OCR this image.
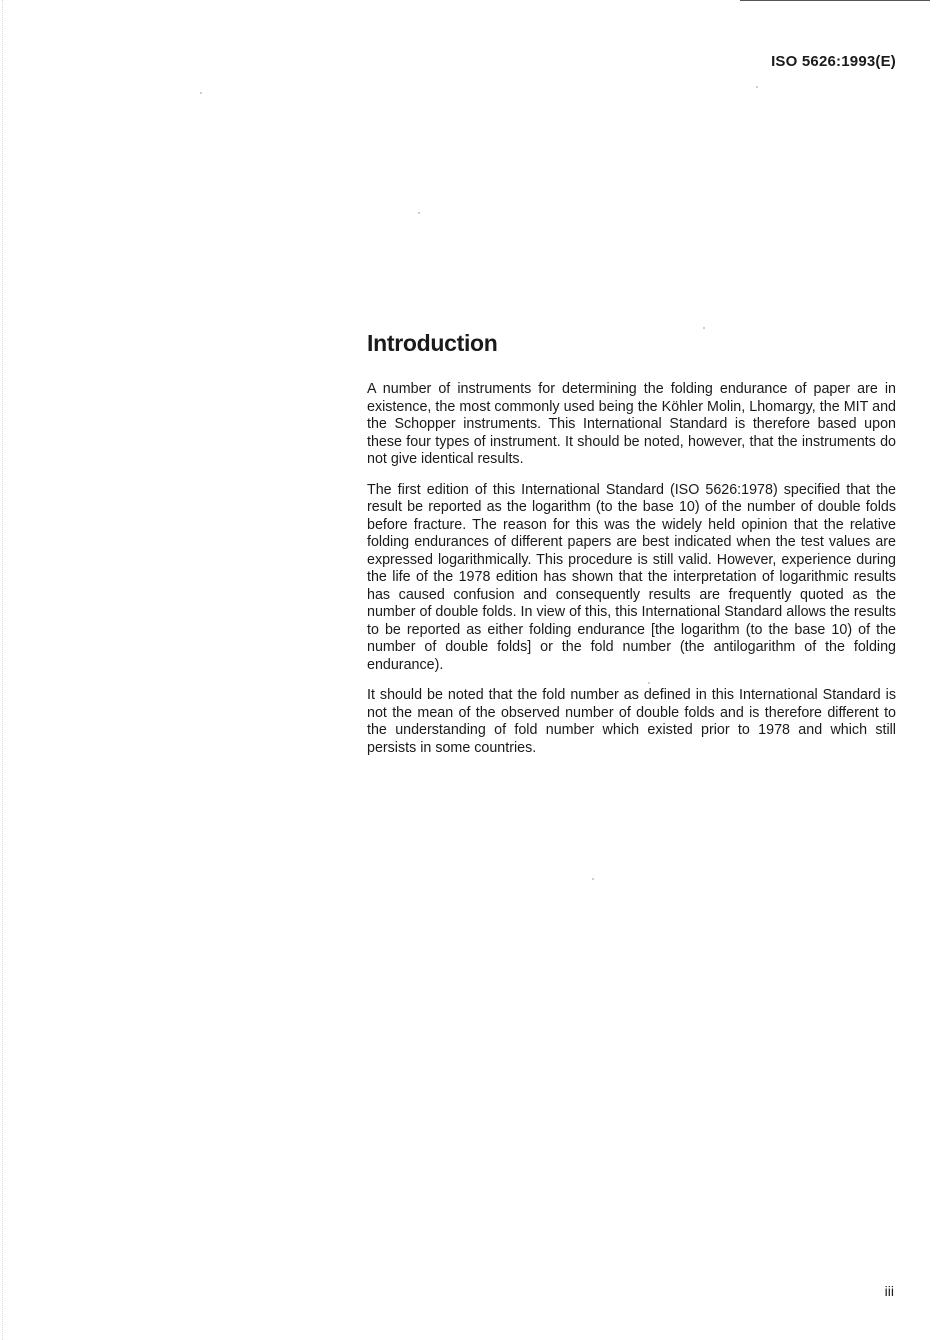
ISO 5626:1993(E)
Introduction

A number of instruments for determining the folding endurance of paper are in existence, the most commonly used being the Köhler Molin, Lhomargy, the MIT and the Schopper instruments. This International Standard is therefore based upon these four types of instrument. It should be noted, however, that the instruments do not give identical results.

The first edition of this International Standard (ISO 5626:1978) specified that the result be reported as the logarithm (to the base 10) of the number of double folds before fracture. The reason for this was the widely held opinion that the relative folding endurances of different papers are best indicated when the test values are expressed logarithmically. This procedure is still valid. However, experience during the life of the 1978 edition has shown that the interpretation of logarithmic results has caused confusion and consequently results are frequently quoted as the number of double folds. In view of this, this International Standard allows the results to be reported as either folding endurance [the logarithm (to the base 10) of the number of double folds] or the fold number (the antilogarithm of the folding endurance).

It should be noted that the fold number as defined in this International Standard is not the mean of the observed number of double folds and is therefore different to the understanding of fold number which existed prior to 1978 and which still persists in some countries.

iii
